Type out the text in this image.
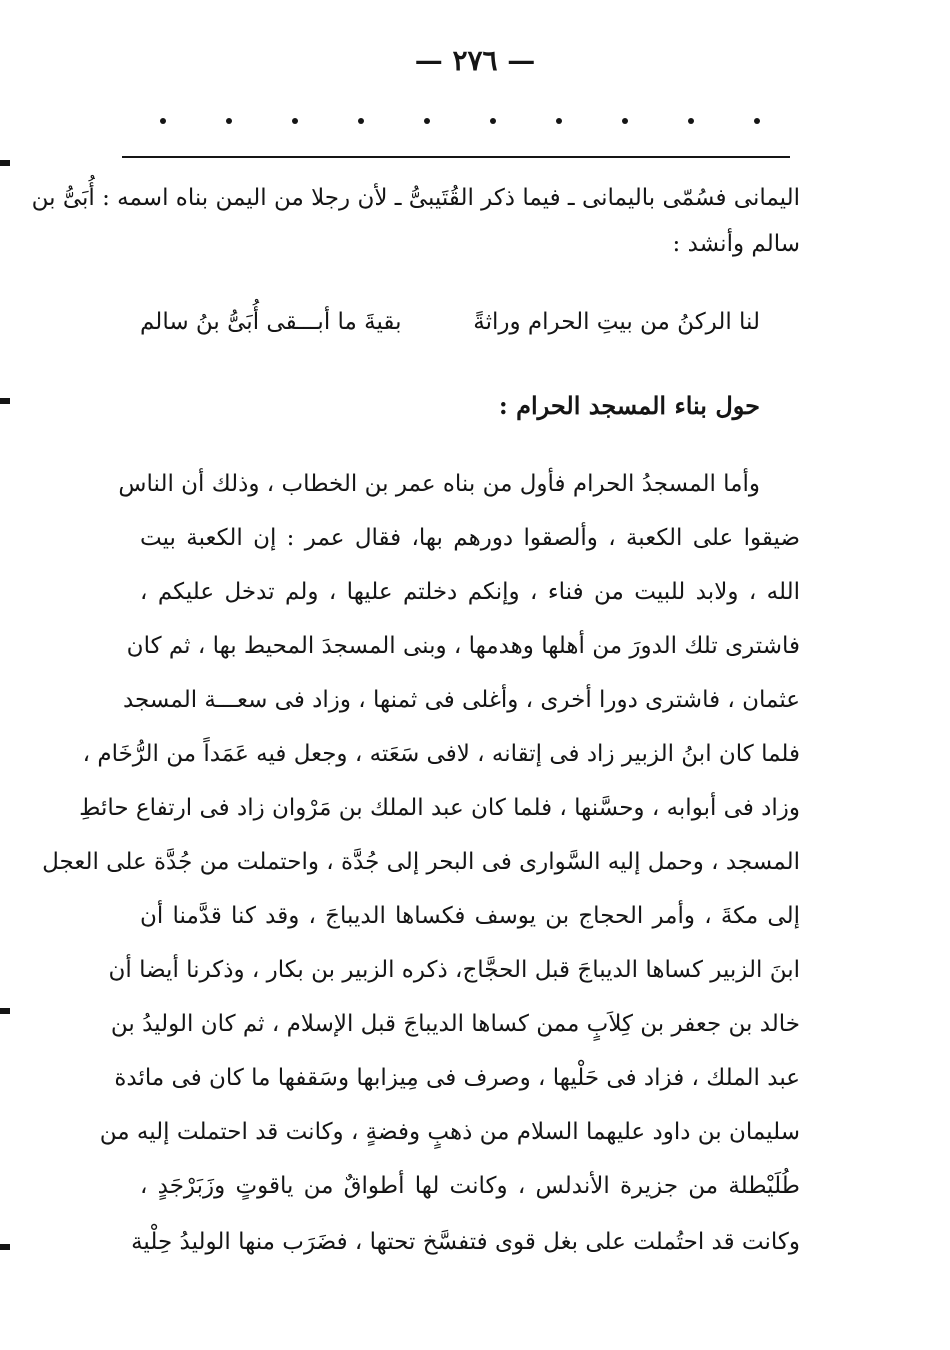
— ٢٧٦ —
اليمانى فسُمّى باليمانى ـ فيما ذكر القُتَيبىُّ ـ لأن رجلا من اليمن بناه اسمه : أُبَىُّ بن
سالم وأنشد :
لنا الركنُ من بيتِ الحرام وراثةً
بقيةَ ما أبـــقى أُبَىُّ بنُ سالم
حول بناء المسجد الحرام :
وأما المسجدُ الحرام فأول من بناه عمر بن الخطاب ، وذلك أن الناس
ضيقوا على الكعبة ، وألصقوا دورهم بها، فقال عمر : إن الكعبة بيت
الله ، ولابد للبيت من فناء ، وإنكم دخلتم عليها ، ولم تدخل عليكم ،
فاشترى تلك الدورَ من أهلها وهدمها ، وبنى المسجدَ المحيط بها ، ثم كان
عثمان ، فاشترى دورا أخرى ، وأغلى فى ثمنها ، وزاد فى سعـــة المسجد
فلما كان ابنُ الزبير زاد فى إتقانه ، لافى سَعَته ، وجعل فيه عَمَداً من الرُّخَام ،
وزاد فى أبوابه ، وحسَّنها ، فلما كان عبد الملك بن مَرْوان زاد فى ارتفاع حائطِ
المسجد ، وحمل إليه السَّوارى فى البحر إلى جُدَّة ، واحتملت من جُدَّة على العجل
إلى مكةَ ، وأمر الحجاج بن يوسف فكساها الديباجَ ، وقد كنا قدَّمنا أن
ابنَ الزبير كساها الديباجَ قبل الحجَّاج، ذكره الزبير بن بكار ، وذكرنا أيضا أن
خالد بن جعفر بن كِلاَبٍ ممن كساها الديباجَ قبل الإسلام ، ثم كان الوليدُ بن
عبد الملك ، فزاد فى حَلْيها ، وصرف فى مِيزابها وسَقفها ما كان فى مائدة
سليمان بن داود عليهما السلام من ذهبٍ وفضةٍ ، وكانت قد احتملت إليه من
طُلَيْطلة من جزيرة الأندلس ، وكانت لها أطواقٌ من ياقوتٍ وزَبَرْجَدٍ ،
وكانت قد احتُملت على بغل قوى فتفسَّخ تحتها ، فضَرَب منها الوليدُ حِلْية
